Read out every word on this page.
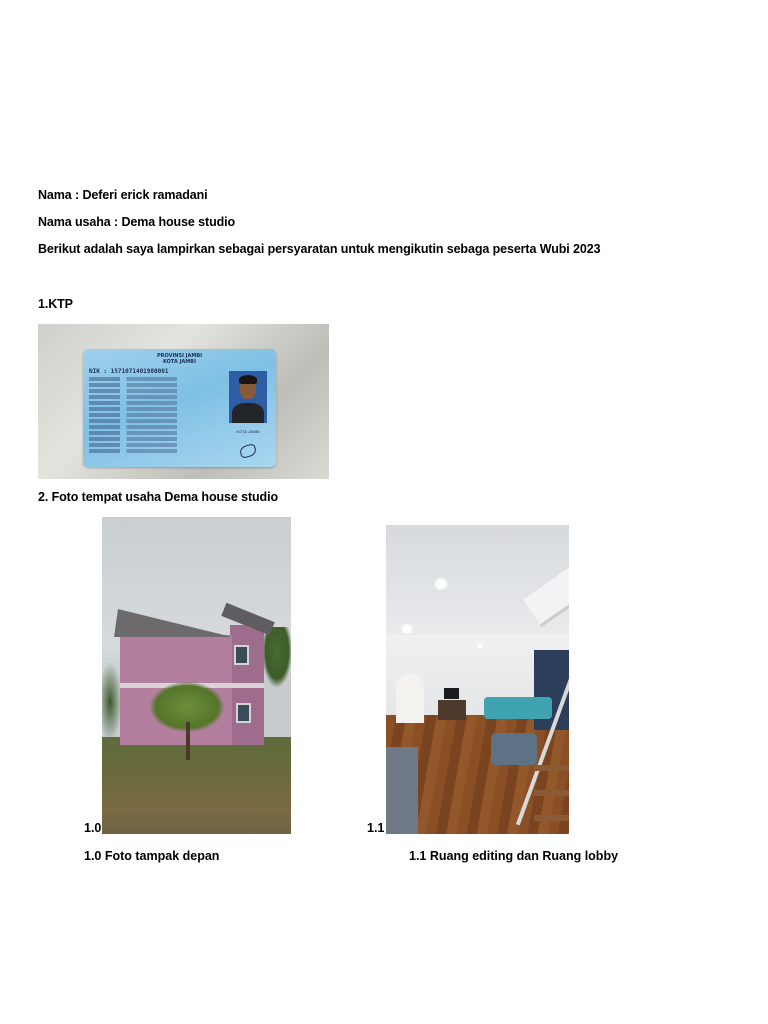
Nama : Deferi erick ramadani
Nama usaha : Dema house studio
Berikut adalah saya lampirkan sebagai persyaratan untuk mengikutin sebaga peserta Wubi 2023
1.KTP
PROVINSI JAMBI
KOTA JAMBI
NIK : 1571071401980001
KOTA JAMBI
2. Foto tempat usaha Dema house studio
1.0	1.1
1.0 Foto tampak depan	1.1 Ruang editing dan Ruang lobby
